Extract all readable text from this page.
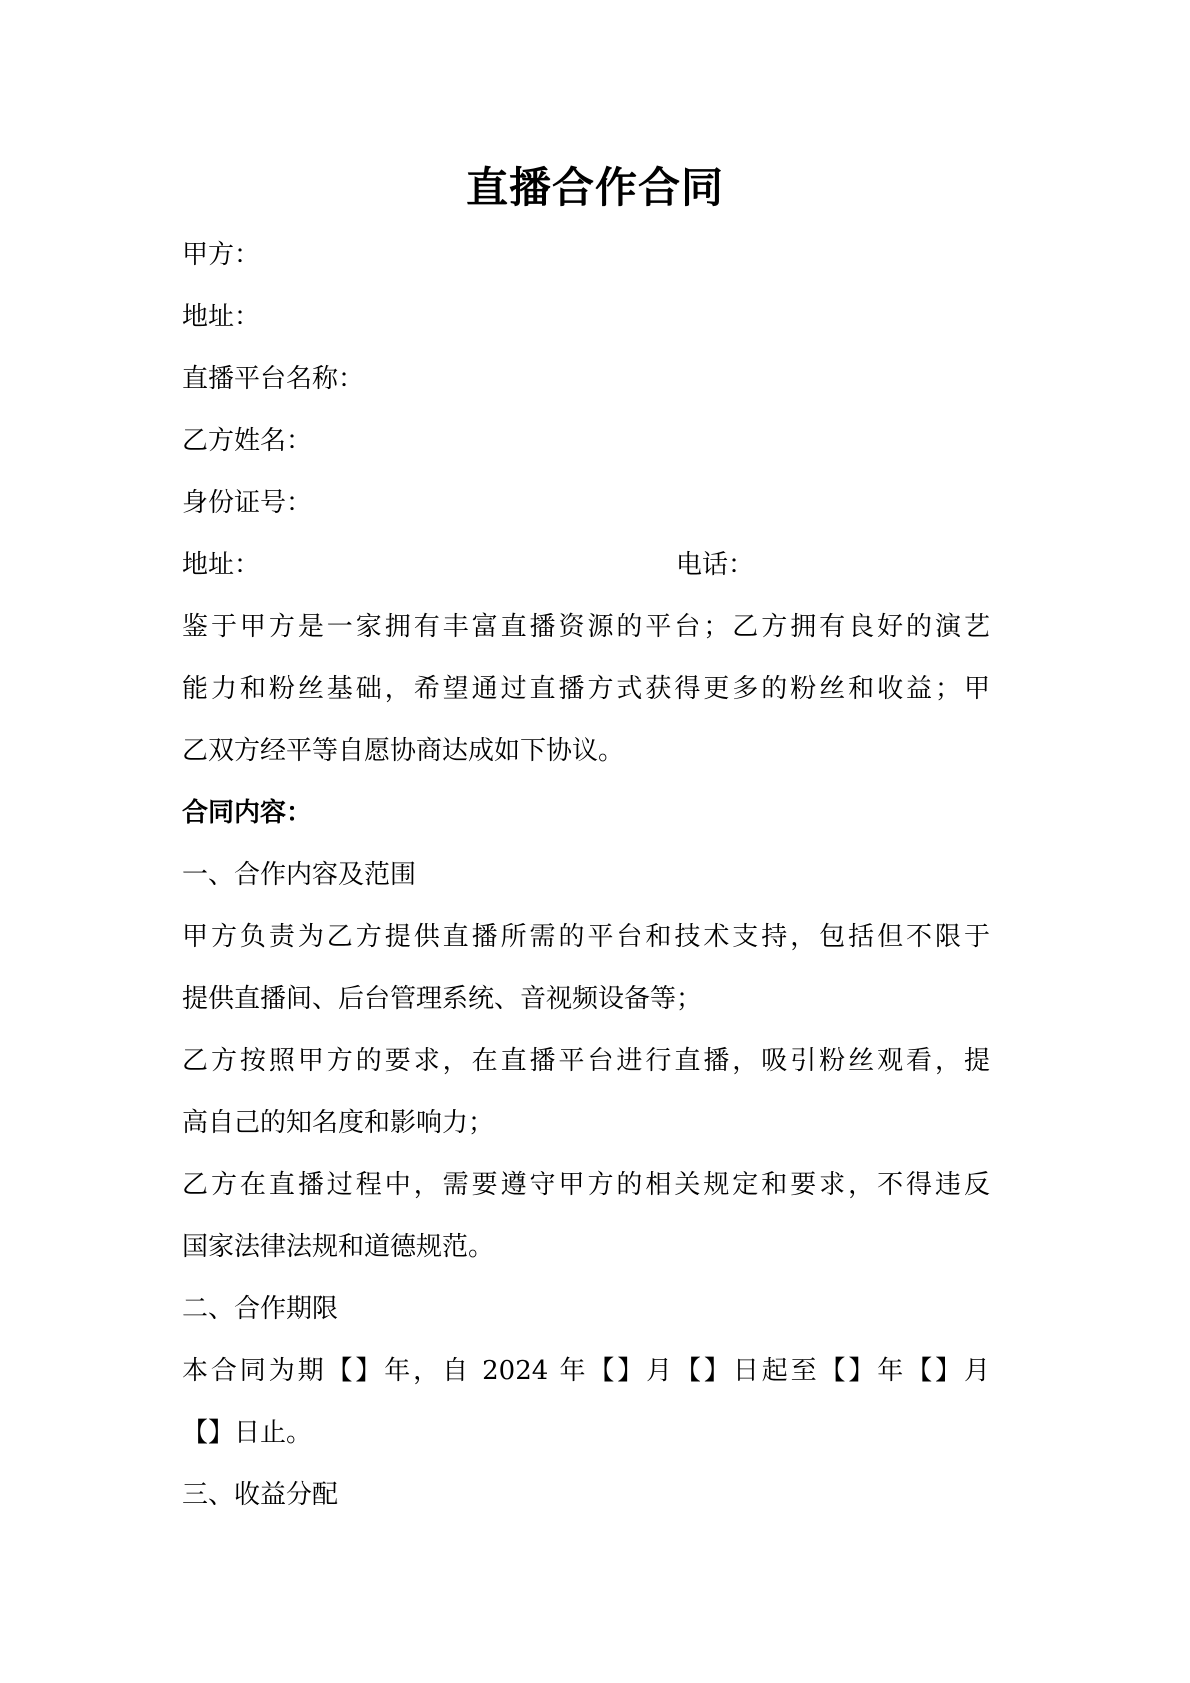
直播合作合同
甲方：
地址：
直播平台名称：
乙方姓名：
身份证号：
地址：	电话：
鉴于甲方是一家拥有丰富直播资源的平台；乙方拥有良好的演艺
能力和粉丝基础，希望通过直播方式获得更多的粉丝和收益；甲
乙双方经平等自愿协商达成如下协议。
合同内容：
一、合作内容及范围
甲方负责为乙方提供直播所需的平台和技术支持，包括但不限于
提供直播间、后台管理系统、音视频设备等；
乙方按照甲方的要求，在直播平台进行直播，吸引粉丝观看，提
高自己的知名度和影响力；
乙方在直播过程中，需要遵守甲方的相关规定和要求，不得违反
国家法律法规和道德规范。
二、合作期限
本合同为期【】年，自 2024 年【】月【】日起至【】年【】月
【】日止。
三、收益分配
